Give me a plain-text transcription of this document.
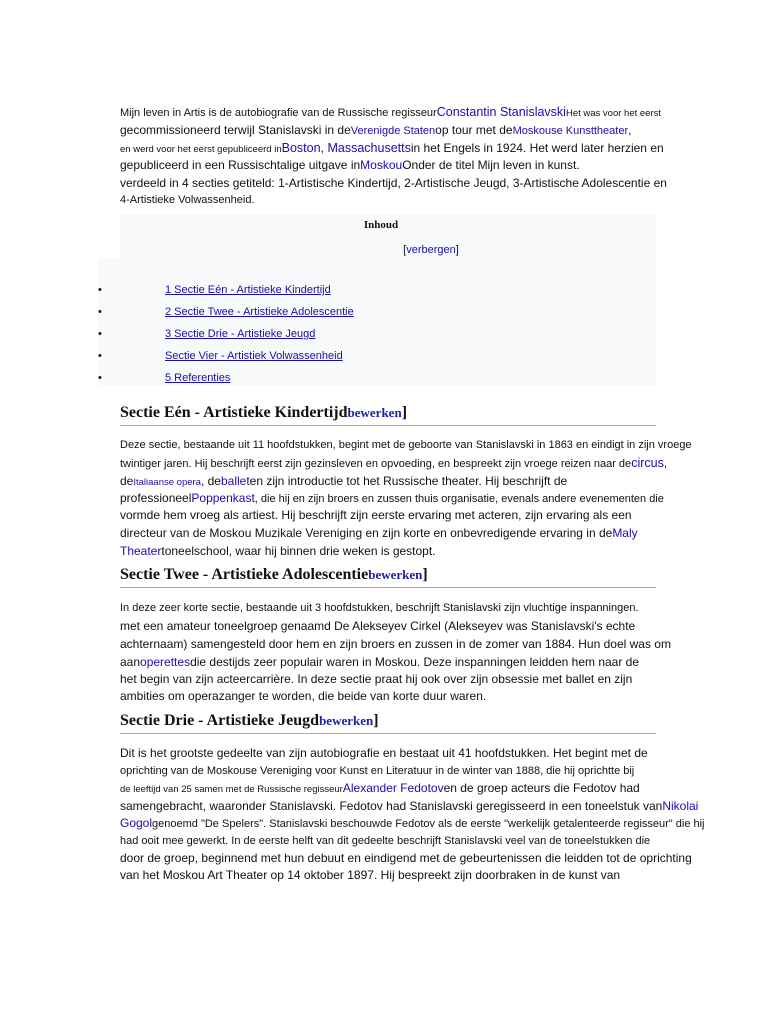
Mijn leven in Artis is de autobiografie van de Russische regisseurConstantin StanislavskiHet was voor het eerst
gecommissioneerd terwijl Stanislavski in deVerenigde Statenop tour met deMoskouse Kunsttheater,
en werd voor het eerst gepubliceerd inBoston, Massachusettsin het Engels in 1924. Het werd later herzien en
gepubliceerd in een Russischtalige uitgave inMoskouOnder de titel Mijn leven in kunst.
verdeeld in 4 secties getiteld: 1-Artistische Kindertijd, 2-Artistische Jeugd, 3-Artistische Adolescentie en
4-Artistieke Volwassenheid.
Inhoud
[verbergen]
•	1 Sectie Eén - Artistieke Kindertijd
•	2 Sectie Twee - Artistieke Adolescentie
•	3 Sectie Drie - Artistieke Jeugd
•	Sectie Vier - Artistiek Volwassenheid
•	5 Referenties
Sectie Eén - Artistieke Kindertijdbewerken]
Deze sectie, bestaande uit 11 hoofdstukken, begint met de geboorte van Stanislavski in 1863 en eindigt in zijn vroege
twintiger jaren. Hij beschrijft eerst zijn gezinsleven en opvoeding, en bespreekt zijn vroege reizen naar decircus,
deItaliaanse opera, deballeten zijn introductie tot het Russische theater. Hij beschrijft de
professioneelPoppenkast, die hij en zijn broers en zussen thuis organisatie, evenals andere evenementen die
vormde hem vroeg als artiest. Hij beschrijft zijn eerste ervaring met acteren, zijn ervaring als een
directeur van de Moskou Muzikale Vereniging en zijn korte en onbevredigende ervaring in deMaly
Theatertoneelschool, waar hij binnen drie weken is gestopt.
Sectie Twee - Artistieke Adolescentiebewerken]
In deze zeer korte sectie, bestaande uit 3 hoofdstukken, beschrijft Stanislavski zijn vluchtige inspanningen.
met een amateur toneelgroep genaamd De Alekseyev Cirkel (Alekseyev was Stanislavski's echte
achternaam) samengesteld door hem en zijn broers en zussen in de zomer van 1884. Hun doel was om
aanoperettesdie destijds zeer populair waren in Moskou. Deze inspanningen leidden hem naar de
het begin van zijn acteercarrière. In deze sectie praat hij ook over zijn obsessie met ballet en zijn
ambities om operazanger te worden, die beide van korte duur waren.
Sectie Drie - Artistieke Jeugdbewerken]
Dit is het grootste gedeelte van zijn autobiografie en bestaat uit 41 hoofdstukken. Het begint met de
oprichting van de Moskouse Vereniging voor Kunst en Literatuur in de winter van 1888, die hij oprichtte bij
de leeftijd van 25 samen met de Russische regisseurAlexander Fedotoven de groep acteurs die Fedotov had
samengebracht, waaronder Stanislavski. Fedotov had Stanislavski geregisseerd in een toneelstuk vanNikolai
Gogolgenoemd "De Spelers". Stanislavski beschouwde Fedotov als de eerste "werkelijk getalenteerde regisseur" die hij
had ooit mee gewerkt. In de eerste helft van dit gedeelte beschrijft Stanislavski veel van de toneelstukken die
door de groep, beginnend met hun debuut en eindigend met de gebeurtenissen die leidden tot de oprichting
van het Moskou Art Theater op 14 oktober 1897. Hij bespreekt zijn doorbraken in de kunst van
